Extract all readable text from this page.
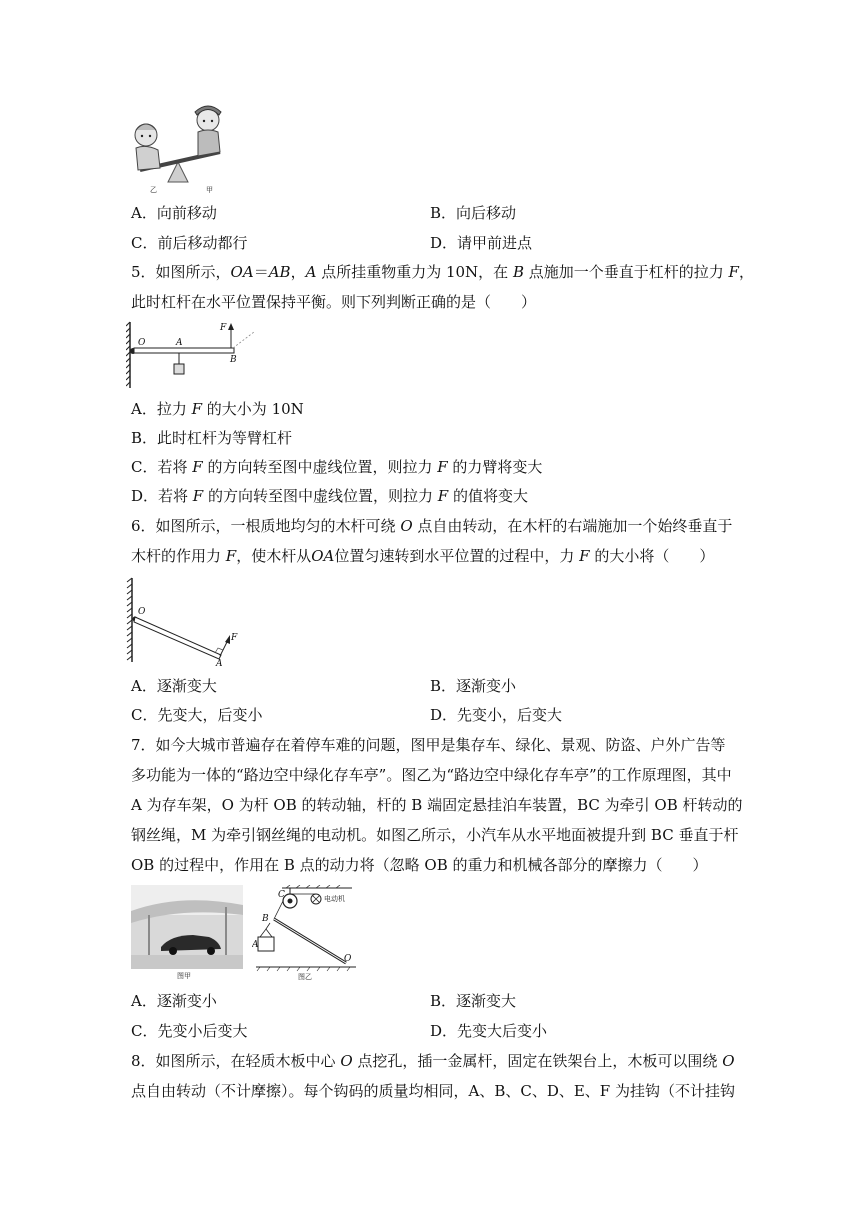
乙	甲
A．向前移动	B．向后移动
C．前后移动都行	D．请甲前进点
5．如图所示，OA＝AB，A 点所挂重物重力为 10N，在 B 点施加一个垂直于杠杆的拉力 F，
此时杠杆在水平位置保持平衡。则下列判断正确的是（　　）
O	A
B
F
A．拉力 F 的大小为 10N
B．此时杠杆为等臂杠杆
C．若将 F 的方向转至图中虚线位置，则拉力 F 的力臂将变大
D．若将 F 的方向转至图中虚线位置，则拉力 F 的值将变大
6．如图所示，一根质地均匀的木杆可绕 O 点自由转动，在木杆的右端施加一个始终垂直于
木杆的作用力 F，使木杆从OA位置匀速转到水平位置的过程中，力 F 的大小将（　　）
O
A
F
A．逐渐变大	B．逐渐变小
C．先变大，后变小	D．先变小，后变大
7．如今大城市普遍存在着停车难的问题，图甲是集存车、绿化、景观、防盗、户外广告等
多功能为一体的“路边空中绿化存车亭”。图乙为“路边空中绿化存车亭”的工作原理图，其中
A 为存车架，O 为杆 OB 的转动轴，杆的 B 端固定悬挂泊车装置，BC 为牵引 OB 杆转动的
钢丝绳，M 为牵引钢丝绳的电动机。如图乙所示，小汽车从水平地面被提升到 BC 垂直于杆
OB 的过程中，作用在 B 点的动力将（忽略 OB 的重力和机械各部分的摩擦力（　　）
图甲
电动机
C
B
A
O
图乙
A．逐渐变小	B．逐渐变大
C．先变小后变大	D．先变大后变小
8．如图所示，在轻质木板中心 O 点挖孔，插一金属杆，固定在铁架台上，木板可以围绕 O
点自由转动（不计摩擦）。每个钩码的质量均相同，A、B、C、D、E、F 为挂钩（不计挂钩
